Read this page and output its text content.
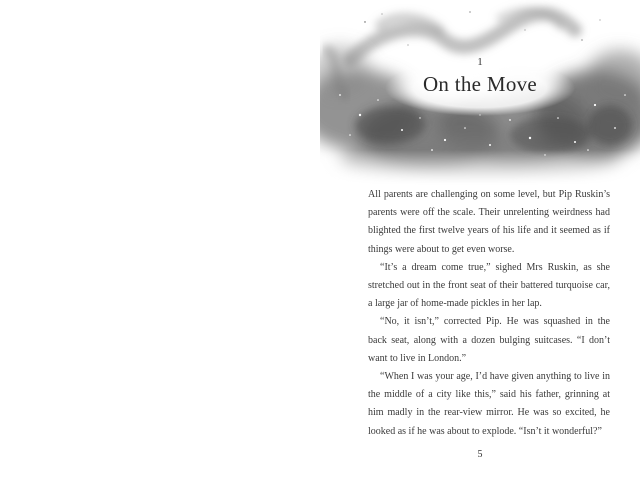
1
On the Move

All parents are challenging on some level, but Pip Ruskin’s parents were off the scale. Their unrelenting weirdness had blighted the first twelve years of his life and it seemed as if things were about to get even worse.

“It’s a dream come true,” sighed Mrs Ruskin, as she stretched out in the front seat of their battered turquoise car, a large jar of home-made pickles in her lap.

“No, it isn’t,” corrected Pip. He was squashed in the back seat, along with a dozen bulging suitcases. “I don’t want to live in London.”

“When I was your age, I’d have given anything to live in the middle of a city like this,” said his father, grinning at him madly in the rear-view mirror. He was so excited, he looked as if he was about to explode. “Isn’t it wonderful?”

5
